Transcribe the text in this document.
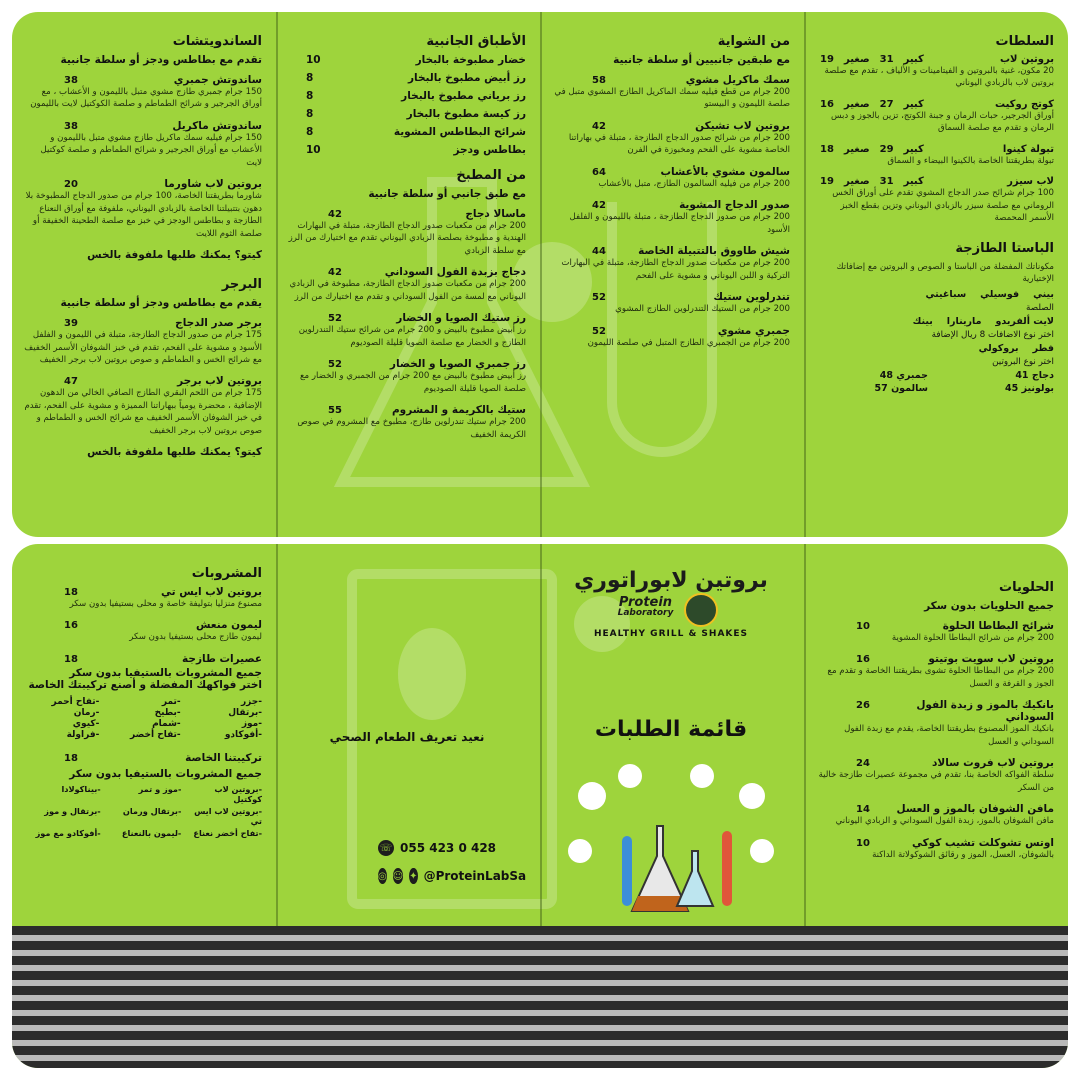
السلطات
بروتين لاب
كبير
31
صغير
19
20 مكون، غنية بالبروتين و الفيتامينات و الألياف ، تقدم مع صلصة بروتين لاب بالزبادي اليوناني
كوتج روكيت
كبير
27
صغير
16
أوراق الجرجير، حبات الرمان و جبنة الكوتج، تزين بالجوز و دبس الرمان و تقدم مع صلصة السماق
تبولة كينوا
كبير
29
صغير
18
تبولة بطريقتنا الخاصة بالكينوا البيضاء و السماق
لاب سيزر
كبير
31
صغير
19
100 جرام شرائح صدر الدجاج المشوي تقدم على أوراق الخس الروماني مع صلصة سيزر بالزبادي اليوناني وتزين بقطع الخبز الأسمر المحمصة
الباستا الطازجة
مكوناتك المفضلة من الباستا و الصوص و البروتين مع إضافاتك الإختيارية
بيني
فوسيلي
سباغيتي
الصلصة
لايت ألفريدو
مارينارا
بينك
اختر نوع الاضافات 8 ريال الإضافة
فطر
بروكولي
اختر نوع البروتين
دجاج 41
جمبري 48
بولونيز 45
سالمون 57
من الشواية
مع طبقين جانبيين أو سلطة جانبية
سمك ماكريل مشوي
58
200 جرام من قطع فيليه سمك الماكريل الطازج المشوي متبل في صلصة الليمون و البيستو
بروتين لاب تشيكن
42
200 جرام من شرائح صدور الدجاج الطازجة ، متبلة في بهاراتنا الخاصة مشوية على الفحم ومخبوزة في الفرن
سالمون مشوي بالأعشاب
64
200 جرام من فيليه السالمون الطازج، متبل بالأعشاب
صدور الدجاج المشوية
42
200 جرام من صدور الدجاج الطازجة ، متبلة بالليمون و الفلفل الأسود
شيش طاووق بالتتبيلة الخاصة
44
200 جرام من مكعبات صدور الدجاج الطازجة، متبلة في البهارات التركية و اللبن اليوناني و مشوية على الفحم
تندرلوين ستيك
52
200 جرام من الستيك التندرلوين الطازج المشوي
جمبري مشوي
52
200 جرام من الجمبري الطازج المتبل في صلصة الليمون
الأطباق الجانبية
خضار مطبوخة بالبخار
10
رز أبيض مطبوخ بالبخار
8
رز برياني مطبوخ بالبخار
8
رز كيسة مطبوخ بالبخار
8
شرائح البطاطس المشوية
8
بطاطس ودجز
10
من المطبخ
مع طبق جانبي أو سلطة جانبية
ماسالا دجاج
42
200 جرام من مكعبات صدور الدجاج الطازجة، متبلة في البهارات الهندية و مطبوخة بصلصة الزبادي اليوناني تقدم مع اختيارك من الرز مع سلطة الزبادي
دجاج بزبدة الفول السوداني
42
200 جرام من مكعبات صدور الدجاج الطازجة، مطبوخة في الزبادي اليوناني مع لمسة من الفول السوداني و تقدم مع اختيارك من الرز
رز ستيك الصويا و الخضار
52
رز أبيض مطبوخ بالبيض و 200 جرام من شرائح ستيك التندرلوين الطازج و الخضار مع صلصة الصويا قليلة الصوديوم
رز جمبري الصويا و الخضار
52
رز أبيض مطبوخ بالبيض مع 200 جرام من الجمبري و الخضار مع صلصة الصويا قليلة الصوديوم
ستيك بالكريمة و المشروم
55
200 جرام ستيك تندرلوين طازج، مطبوخ مع المشروم في صوص الكريمة الخفيف
الساندويتشات
تقدم مع بطاطس ودجز أو سلطة جانبية
ساندوتش جمبري
38
150 جرام جمبري طازج مشوي متبل بالليمون و الأعشاب ، مع أوراق الجرجير و شرائح الطماطم و صلصة الكوكتيل لايت بالليمون
ساندوتش ماكريل
38
150 جرام فيليه سمك ماكريل طازج مشوي متبل بالليمون و الأعشاب مع أوراق الجرجير و شرائح الطماطم و صلصة كوكتيل لايت
بروتين لاب شاورما
20
شاورما بطريقتنا الخاصة، 100 جرام من صدور الدجاج المطبوخة بلا دهون بتتبيلتنا الخاصة بالزبادي اليوناني، ملفوفة مع أوراق النعناع الطازجة و بطاطس الودجز في خبز مع صلصة الطحينة الخفيفة أو صلصة الثوم اللايت
كيتو؟ يمكنك طلبها ملفوفة بالخس
البرجر
يقدم مع بطاطس ودجز أو سلطة جانبية
برجر صدر الدجاج
39
175 جرام من صدور الدجاج الطازجة، متبلة في الليمون و الفلفل الأسود و مشوية على الفحم، تقدم في خبز الشوفان الأسمر الخفيف مع شرائح الخس و الطماطم و صوص بروتين لاب برجر الخفيف
بروتين لاب برجر
47
175 جرام من اللحم البقري الطازج الصافي الخالي من الدهون الإضافية ، محضرة يومياً ببهاراتنا المميزة و مشوية على الفحم، تقدم في خبز الشوفان الأسمر الخفيف مع شرائح الخس و الطماطم و صوص بروتين لاب برجر الخفيف
كيتو؟ يمكنك طلبها ملفوفة بالخس
الحلويات
جميع الحلويات بدون سكر
شرائح البطاطا الحلوة
10
200 جرام من شرائح البطاطا الحلوة المشوية
بروتين لاب سويت بوتيتو
16
200 جرام من البطاطا الحلوة تشوى بطريقتنا الخاصة و تقدم مع الجوز و القرفة و العسل
بانكيك بالموز و زبدة الفول السوداني
26
بانكيك الموز المصنوع بطريقتنا الخاصة، يقدم مع زبدة الفول السوداني و العسل
بروتين لاب فروت سالاد
24
سلطة الفواكه الخاصة بنا، تقدم في مجموعة عصيرات طازجة خالية من السكر
مافن الشوفان بالموز و العسل
14
مافن الشوفان بالموز، زبدة الفول السوداني و الزبادي اليوناني
اوتس تشوكلت تشيب كوكي
10
بالشوفان، العسل، الموز و رقائق الشوكولاتة الداكنة
بروتين لابوراتوري  Protein
Laboratory
HEALTHY GRILL & SHAKES
قائمة الطلبات
نعيد تعريف الطعام الصحي
☏ 055 423 0 428
◎ ☺ ✦ @ProteinLabSa
المشروبات
بروتين لاب ايس تي
18
مصنوع منزليا بتوليفة خاصة و محلى بستيفيا بدون سكر
ليمون منعش
16
ليمون طازج محلى بستيفيا بدون سكر
عصيرات طازجة
18
جميع المشروبات بالستيفيا بدون سكر
اختر فواكهك المفضلة و أصنع تركيبتك الخاصة
-جزر
-تمر
-تفاح أحمر
-برتقال
-بطيخ
-رمان
-موز
-شمام
-كيوي
-أفوكادو
-تفاح أخضر
-فراولة
تركيبتنا الخاصة
18
جميع المشروبات بالستيفيا بدون سكر
-بروتين لاب كوكتيل
-موز و تمر
-بيناكولادا
-بروتين لاب ايس تي
-برتقال ورمان
-برتقال و موز
-تفاح أخضر نعناع
-ليمون بالنعناع
-أفوكادو مع موز
